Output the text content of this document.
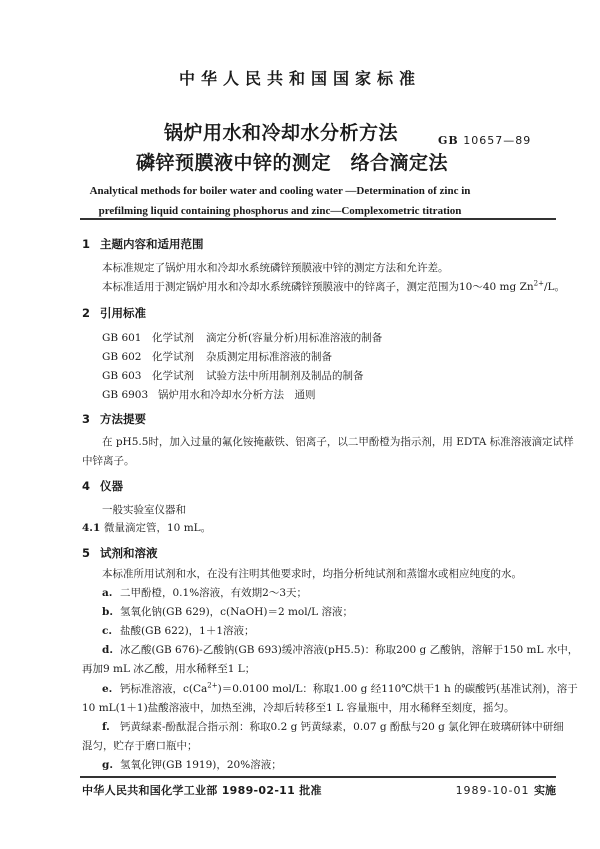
中华人民共和国国家标准
锅炉用水和冷却水分析方法
磷锌预膜液中锌的测定　络合滴定法
GB 10657—89
Analytical methods for boiler water and cooling water —Determination of zinc in
prefilming liquid containing phosphorus and zinc—Complexometric titration
1 主题内容和适用范围
本标准规定了锅炉用水和冷却水系统磷锌预膜液中锌的测定方法和允许差。
本标准适用于测定锅炉用水和冷却水系统磷锌预膜液中的锌离子，测定范围为10～40 mg $Zn^{2+}/L$。
2 引用标准
GB 601 化学试剂 滴定分析(容量分析)用标准溶液的制备
GB 602 化学试剂 杂质测定用标准溶液的制备
GB 603 化学试剂 试验方法中所用制剂及制品的制备
GB 6903 锅炉用水和冷却水分析方法　通则
3 方法提要
在 pH5.5时，加入过量的氟化铵掩蔽铁、铝离子，以二甲酚橙为指示剂，用 EDTA 标准溶液滴定试样
中锌离子。
4 仪器
一般实验室仪器和
4.1 微量滴定管，10 mL。
5 试剂和溶液
本标准所用试剂和水，在没有注明其他要求时，均指分析纯试剂和蒸馏水或相应纯度的水。
a. 二甲酚橙，0.1%溶液，有效期2～3天；
b. 氢氧化钠(GB 629)，c(NaOH)＝2 mol/L 溶液；
c. 盐酸(GB 622)，1＋1溶液；
d. 冰乙酸(GB 676)-乙酸钠(GB 693)缓冲溶液(pH5.5)：称取200 g 乙酸钠，溶解于150 mL 水中，
再加9 mL 冰乙酸，用水稀释至1 L；
e. 钙标准溶液，$c(Ca^{2+})=0.0100$ mol/L：称取1.00 g 经110℃烘干1 h 的碳酸钙(基准试剂)，溶于
10 mL(1＋1)盐酸溶液中，加热至沸，冷却后转移至1 L 容量瓶中，用水稀释至刻度，摇匀。
f. 钙黄绿素-酚酞混合指示剂：称取0.2 g 钙黄绿素，0.07 g 酚酞与20 g 氯化钾在玻璃研钵中研细
混匀，贮存于磨口瓶中；
g. 氢氧化钾(GB 1919)，20%溶液；
中华人民共和国化学工业部 1989-02-11 批准	1989-10-01 实施
